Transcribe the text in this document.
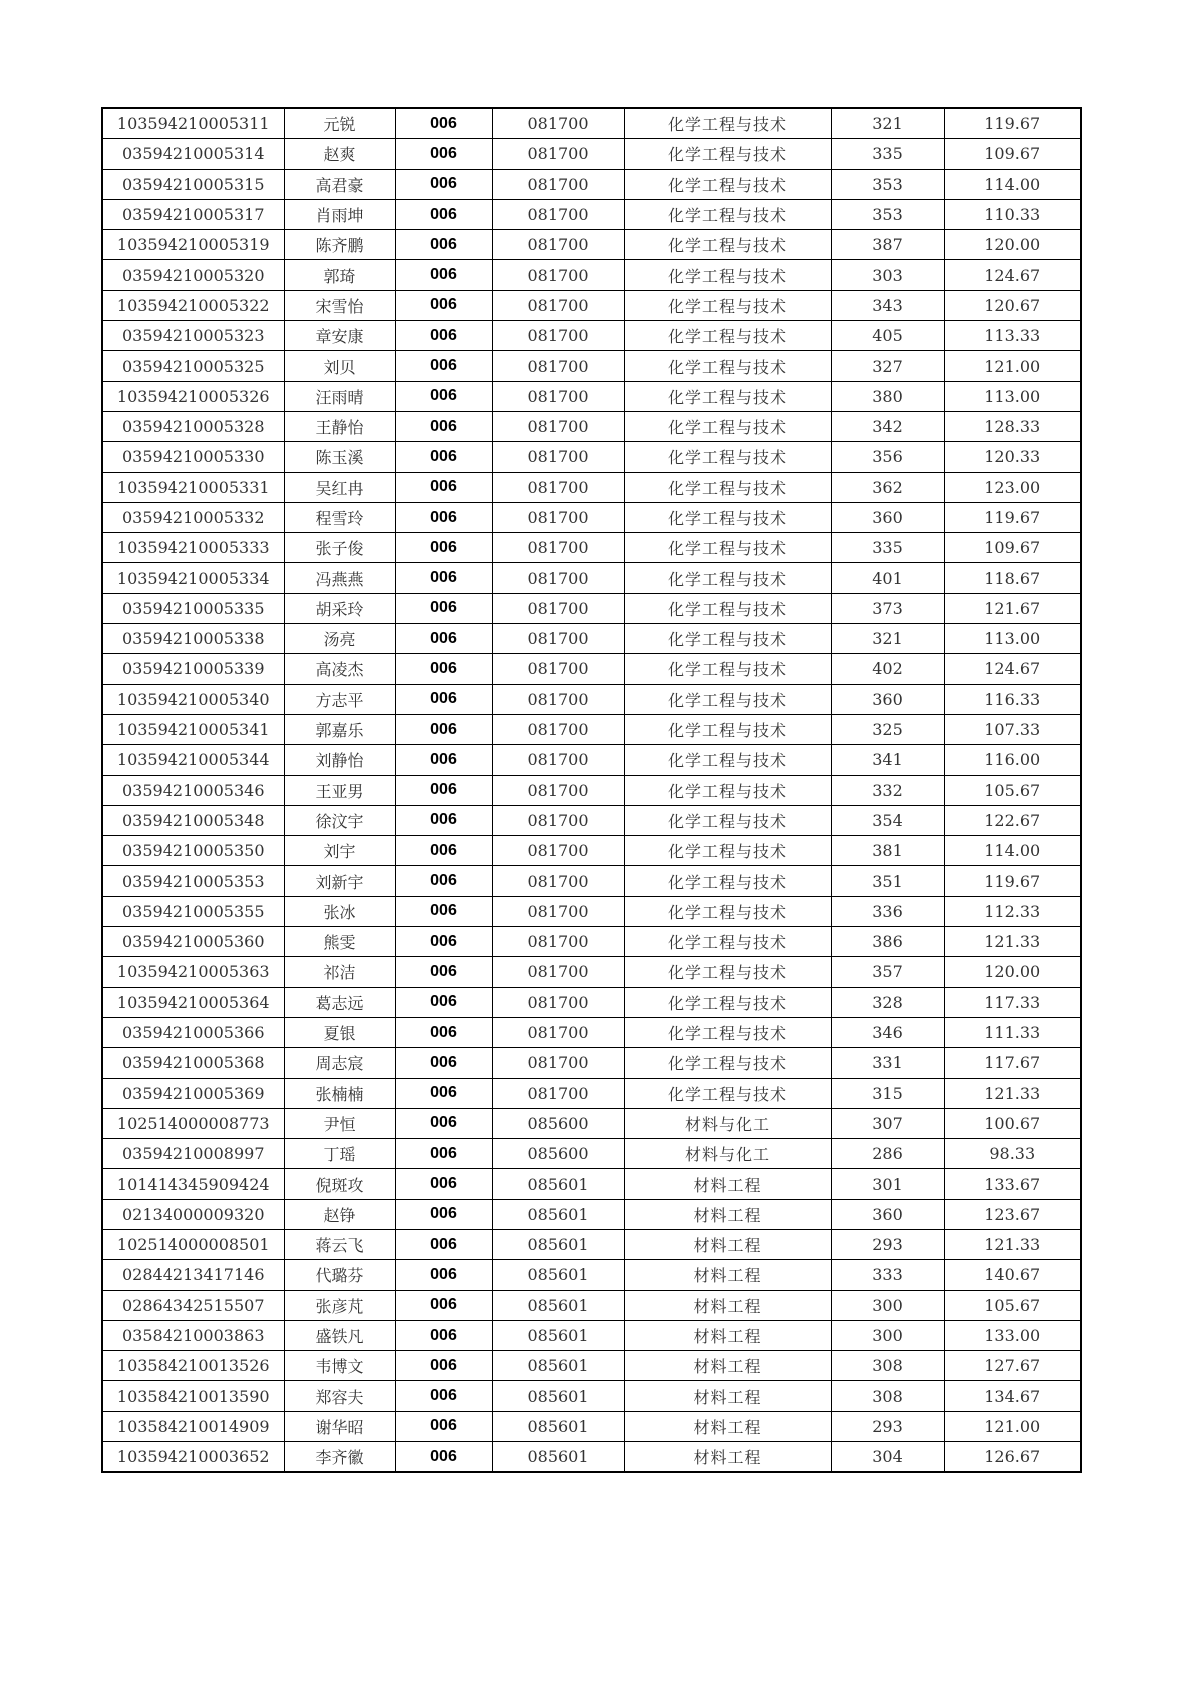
103594210005311	元锐	006	081700	化学工程与技术	321	119.67
03594210005314	赵爽	006	081700	化学工程与技术	335	109.67
03594210005315	高君豪	006	081700	化学工程与技术	353	114.00
03594210005317	肖雨坤	006	081700	化学工程与技术	353	110.33
103594210005319	陈齐鹏	006	081700	化学工程与技术	387	120.00
03594210005320	郭琦	006	081700	化学工程与技术	303	124.67
103594210005322	宋雪怡	006	081700	化学工程与技术	343	120.67
03594210005323	章安康	006	081700	化学工程与技术	405	113.33
03594210005325	刘贝	006	081700	化学工程与技术	327	121.00
103594210005326	汪雨晴	006	081700	化学工程与技术	380	113.00
03594210005328	王静怡	006	081700	化学工程与技术	342	128.33
03594210005330	陈玉溪	006	081700	化学工程与技术	356	120.33
103594210005331	吴红冉	006	081700	化学工程与技术	362	123.00
03594210005332	程雪玲	006	081700	化学工程与技术	360	119.67
103594210005333	张子俊	006	081700	化学工程与技术	335	109.67
103594210005334	冯燕燕	006	081700	化学工程与技术	401	118.67
03594210005335	胡采玲	006	081700	化学工程与技术	373	121.67
03594210005338	汤亮	006	081700	化学工程与技术	321	113.00
03594210005339	高凌杰	006	081700	化学工程与技术	402	124.67
103594210005340	方志平	006	081700	化学工程与技术	360	116.33
103594210005341	郭嘉乐	006	081700	化学工程与技术	325	107.33
103594210005344	刘静怡	006	081700	化学工程与技术	341	116.00
03594210005346	王亚男	006	081700	化学工程与技术	332	105.67
03594210005348	徐汶宇	006	081700	化学工程与技术	354	122.67
03594210005350	刘宇	006	081700	化学工程与技术	381	114.00
03594210005353	刘新宇	006	081700	化学工程与技术	351	119.67
03594210005355	张冰	006	081700	化学工程与技术	336	112.33
03594210005360	熊雯	006	081700	化学工程与技术	386	121.33
103594210005363	祁洁	006	081700	化学工程与技术	357	120.00
103594210005364	葛志远	006	081700	化学工程与技术	328	117.33
03594210005366	夏银	006	081700	化学工程与技术	346	111.33
03594210005368	周志宸	006	081700	化学工程与技术	331	117.67
03594210005369	张楠楠	006	081700	化学工程与技术	315	121.33
102514000008773	尹恒	006	085600	材料与化工	307	100.67
03594210008997	丁瑶	006	085600	材料与化工	286	98.33
101414345909424	倪斑攻	006	085601	材料工程	301	133.67
02134000009320	赵铮	006	085601	材料工程	360	123.67
102514000008501	蒋云飞	006	085601	材料工程	293	121.33
02844213417146	代璐芬	006	085601	材料工程	333	140.67
02864342515507	张彦芃	006	085601	材料工程	300	105.67
03584210003863	盛铁凡	006	085601	材料工程	300	133.00
103584210013526	韦博文	006	085601	材料工程	308	127.67
103584210013590	郑容夫	006	085601	材料工程	308	134.67
103584210014909	谢华昭	006	085601	材料工程	293	121.00
103594210003652	李齐徽	006	085601	材料工程	304	126.67
